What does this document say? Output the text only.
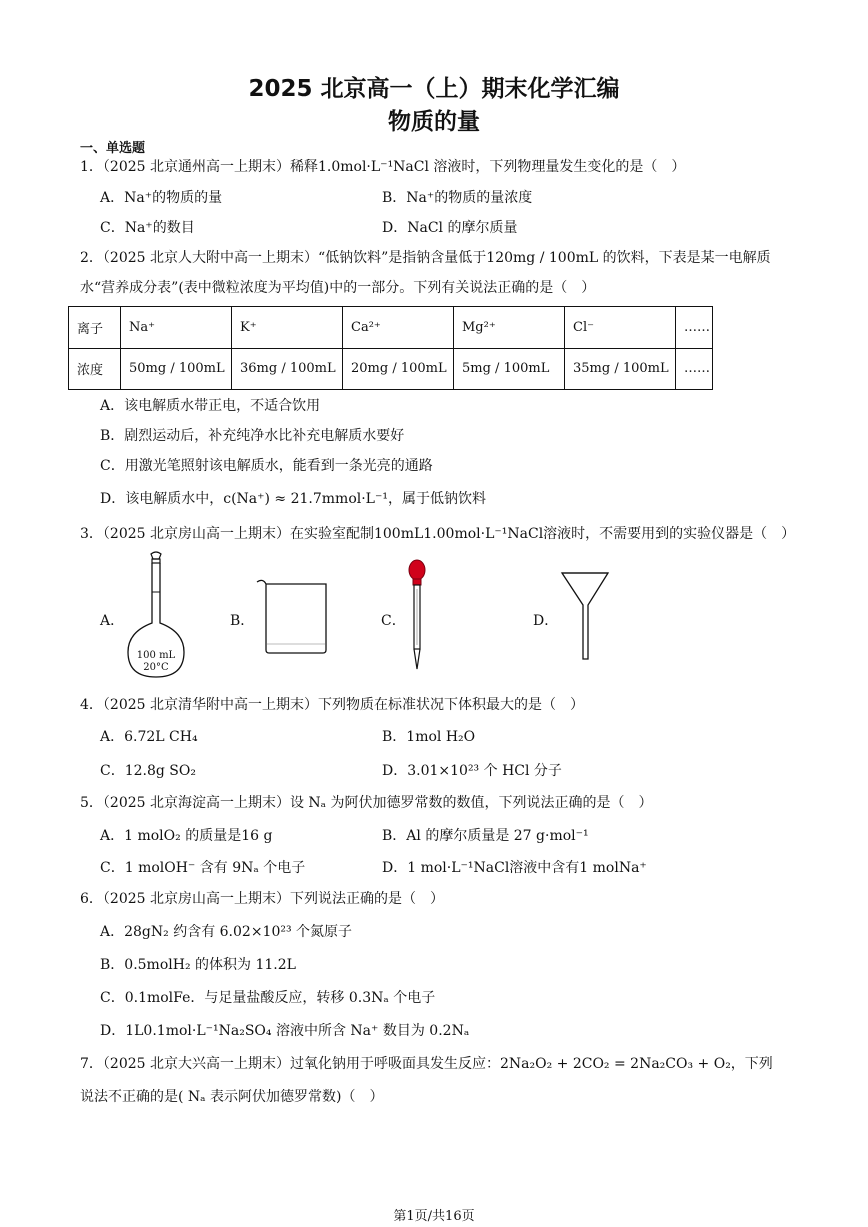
2025 北京高一（上）期末化学汇编
物质的量
一、单选题
1．（2025 北京通州高一上期末）稀释1.0mol·L⁻¹NaCl 溶液时，下列物理量发生变化的是（　）
A．Na⁺的物质的量	B．Na⁺的物质的量浓度
C．Na⁺的数目	D．NaCl 的摩尔质量
2．（2025 北京人大附中高一上期末）“低钠饮料”是指钠含量低于120mg / 100mL 的饮料，下表是某一电解质
水“营养成分表”(表中微粒浓度为平均值)中的一部分。下列有关说法正确的是（　）
离子	Na⁺	K⁺	Ca²⁺	Mg²⁺	Cl⁻	……
浓度	50mg / 100mL	36mg / 100mL	20mg / 100mL	5mg / 100mL	35mg / 100mL	……
A．该电解质水带正电，不适合饮用
B．剧烈运动后，补充纯净水比补充电解质水要好
C．用激光笔照射该电解质水，能看到一条光亮的通路
D．该电解质水中，c(Na⁺) ≈ 21.7mmol·L⁻¹，属于低钠饮料
3．（2025 北京房山高一上期末）在实验室配制100mL1.00mol·L⁻¹NaCl溶液时，不需要用到的实验仪器是（　）
A．	B．	C．	D．
100 mL
20°C
4．（2025 北京清华附中高一上期末）下列物质在标准状况下体积最大的是（　）
A．6.72L CH₄	B．1mol H₂O
C．12.8g SO₂	D．3.01×10²³ 个 HCl 分子
5．（2025 北京海淀高一上期末）设 Nₐ 为阿伏加德罗常数的数值，下列说法正确的是（　）
A．1 molO₂ 的质量是16 g	B．Al 的摩尔质量是 27 g·mol⁻¹
C．1 molOH⁻ 含有 9Nₐ 个电子	D．1 mol·L⁻¹NaCl溶液中含有1 molNa⁺
6．（2025 北京房山高一上期末）下列说法正确的是（　）
A．28gN₂ 约含有 6.02×10²³ 个氮原子
B．0.5molH₂ 的体积为 11.2L
C．0.1molFe．与足量盐酸反应，转移 0.3Nₐ 个电子
D．1L0.1mol·L⁻¹Na₂SO₄ 溶液中所含 Na⁺ 数目为 0.2Nₐ
7．（2025 北京大兴高一上期末）过氧化钠用于呼吸面具发生反应：2Na₂O₂ + 2CO₂ = 2Na₂CO₃ + O₂，下列
说法不正确的是( Nₐ 表示阿伏加德罗常数)（　）
第1页/共16页
